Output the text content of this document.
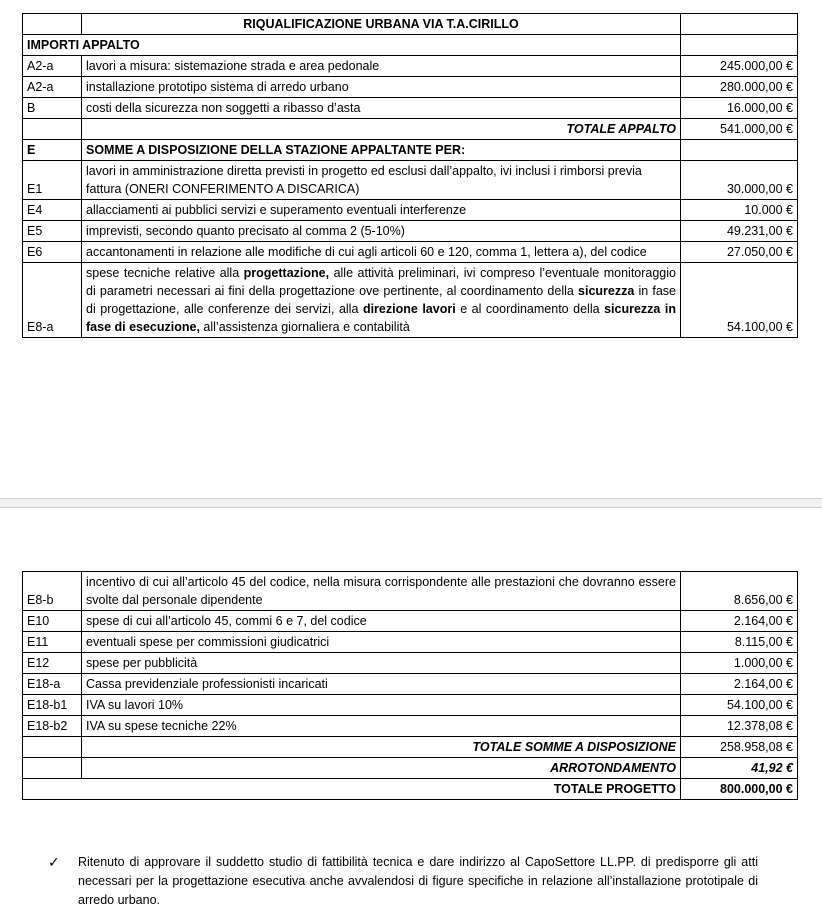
	RIQUALIFICAZIONE URBANA VIA T.A.CIRILLO	
IMPORTI APPALTO		
A2-a	lavori a misura: sistemazione strada e area pedonale	245.000,00 €
A2-a	installazione prototipo sistema di arredo urbano	280.000,00 €
B	costi della sicurezza non soggetti a ribasso d’asta	16.000,00 €
	TOTALE APPALTO	541.000,00 €
E	SOMME A DISPOSIZIONE DELLA STAZIONE APPALTANTE PER:	
E1	lavori in amministrazione diretta previsti in progetto ed esclusi dall’appalto, ivi inclusi i rimborsi previa fattura (ONERI CONFERIMENTO A DISCARICA)	30.000,00 €
E4	allacciamenti ai pubblici servizi e superamento eventuali interferenze	10.000 €
E5	imprevisti, secondo quanto precisato al comma 2 (5-10%)	49.231,00 €
E6	accantonamenti in relazione alle modifiche di cui agli articoli 60 e 120, comma 1, lettera a), del codice	27.050,00 €
E8-a	spese tecniche relative alla progettazione, alle attività preliminari, ivi compreso l’eventuale monitoraggio di parametri necessari ai fini della progettazione ove pertinente, al coordinamento della sicurezza in fase di progettazione, alle conferenze dei servizi, alla direzione lavori e al coordinamento della sicurezza in fase di esecuzione, all’assistenza giornaliera e contabilità	54.100,00 €
E8-b	incentivo di cui all’articolo 45 del codice, nella misura corrispondente alle prestazioni che dovranno essere svolte dal personale dipendente	8.656,00 €
E10	spese di cui all’articolo 45, commi 6 e 7, del codice	2.164,00 €
E11	eventuali spese per commissioni giudicatrici	8.115,00 €
E12	spese per pubblicità	1.000,00 €
E18-a	Cassa previdenziale professionisti incaricati	2.164,00 €
E18-b1	IVA su lavori 10%	54.100,00 €
E18-b2	IVA su spese tecniche 22%	12.378,08 €
	TOTALE SOMME A DISPOSIZIONE	258.958,08 €
	ARROTONDAMENTO	41,92 €
TOTALE PROGETTO		800.000,00 €
✓ Ritenuto di approvare il suddetto studio di fattibilità tecnica e dare indirizzo al CapoSettore LL.PP. di predisporre gli atti necessari per la progettazione esecutiva anche avvalendosi di figure specifiche in relazione all’installazione prototipale di arredo urbano.
